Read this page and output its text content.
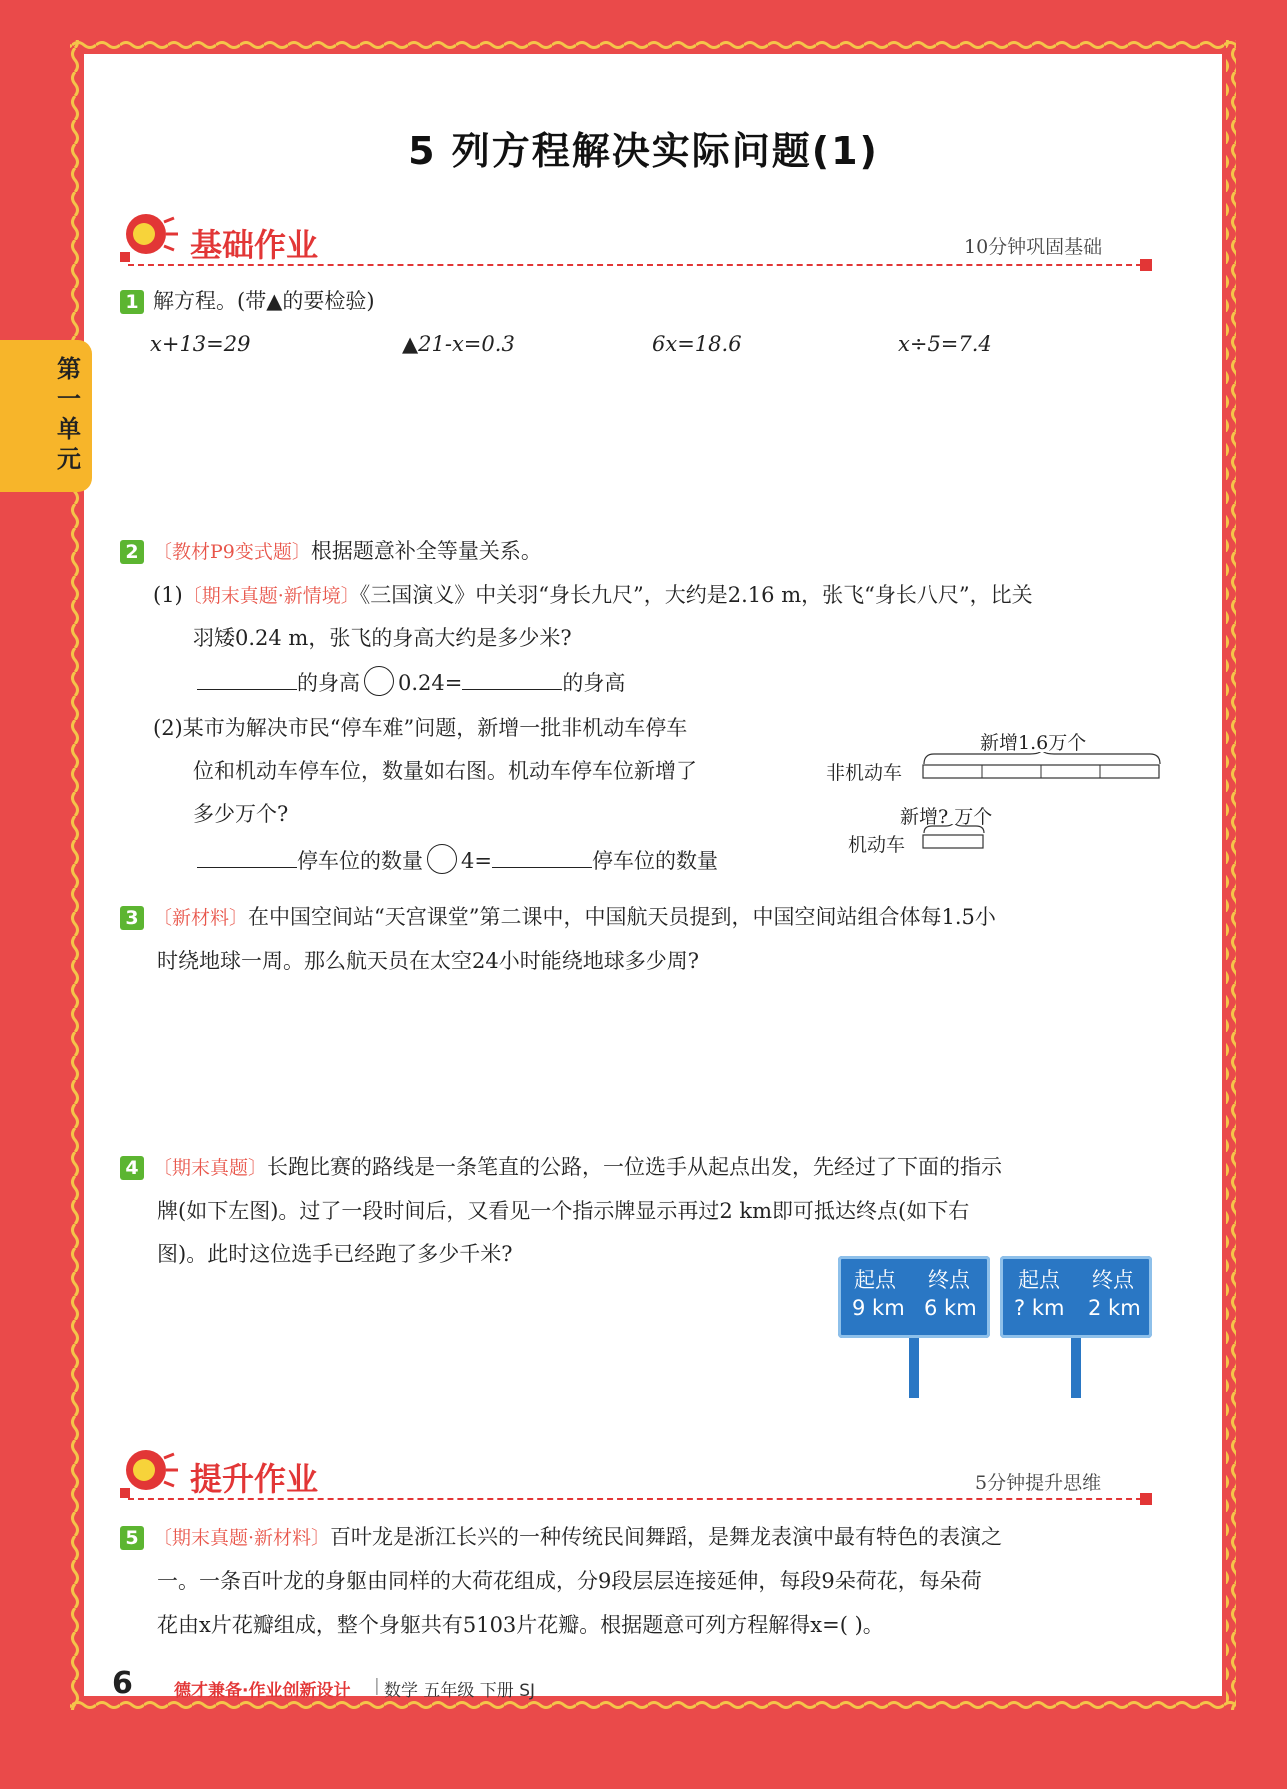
5 列方程解决实际问题(1)
第一单元
基础作业	10分钟巩固基础
1 解方程。(带▲的要检验)
x+13=29	▲21-x=0.3	6x=18.6	x÷5=7.4
2 〔教材P9变式题〕根据题意补全等量关系。
(1)〔期末真题·新情境〕《三国演义》中关羽“身长九尺”，大约是2.16 m，张飞“身长八尺”，比关
羽矮0.24 m，张飞的身高大约是多少米?
的身高 0.24=	的身高
(2)某市为解决市民“停车难”问题，新增一批非机动车停车
位和机动车停车位，数量如右图。机动车停车位新增了
多少万个?
停车位的数量 4=	停车位的数量
新增1.6万个
非机动车
新增? 万个
机动车
3 〔新材料〕在中国空间站“天宫课堂”第二课中，中国航天员提到，中国空间站组合体每1.5小
时绕地球一周。那么航天员在太空24小时能绕地球多少周?
4 〔期末真题〕长跑比赛的路线是一条笔直的公路，一位选手从起点出发，先经过了下面的指示
牌(如下左图)。过了一段时间后，又看见一个指示牌显示再过2 km即可抵达终点(如下右
图)。此时这位选手已经跑了多少千米?
起点 终点
9 km 6 km
起点 终点
? km 2 km
提升作业	5分钟提升思维
5 〔期末真题·新材料〕百叶龙是浙江长兴的一种传统民间舞蹈，是舞龙表演中最有特色的表演之
一。一条百叶龙的身躯由同样的大荷花组成，分9段层层连接延伸，每段9朵荷花，每朵荷
花由x片花瓣组成，整个身躯共有5103片花瓣。根据题意可列方程解得x=( )。
6 德才兼备·作业创新设计 | 数学 五年级 下册 SJ
